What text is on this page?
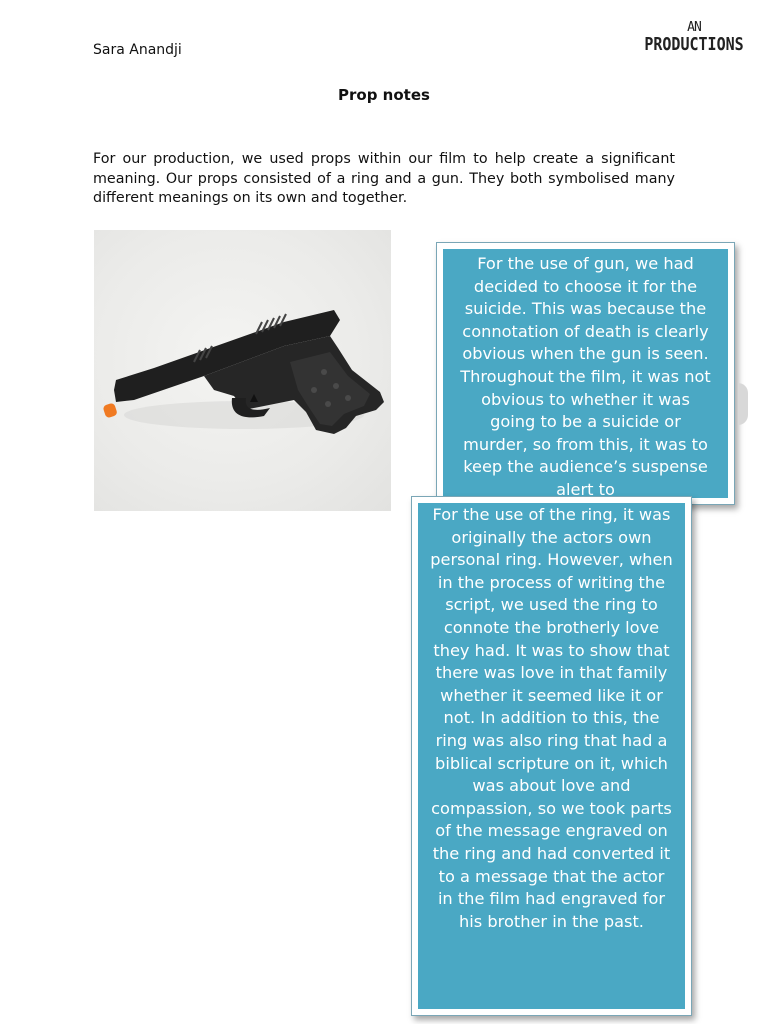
Sara Anandji
AN
PRODUCTIONS
Prop notes
For our production, we used props within our film to help create a significant meaning. Our props consisted of a ring and a gun. They both symbolised many different meanings on its own and together.
For the use of gun, we had decided to choose it for the suicide. This was because the connotation of death is clearly obvious when the gun is seen. Throughout the film, it was not obvious to whether it was going to be a suicide or murder, so from this, it was to keep the audience’s suspense alert to
For the use of the ring, it was originally the actors own personal ring. However, when in the process of writing the script, we used the ring to connote the brotherly love they had. It was to show that there was love in that family whether it seemed like it or not. In addition to this, the ring was also ring that had a biblical scripture on it, which was about love and compassion, so we took parts of the message engraved on the ring and had converted it to a message that the actor in the film had engraved for his brother in the past.
